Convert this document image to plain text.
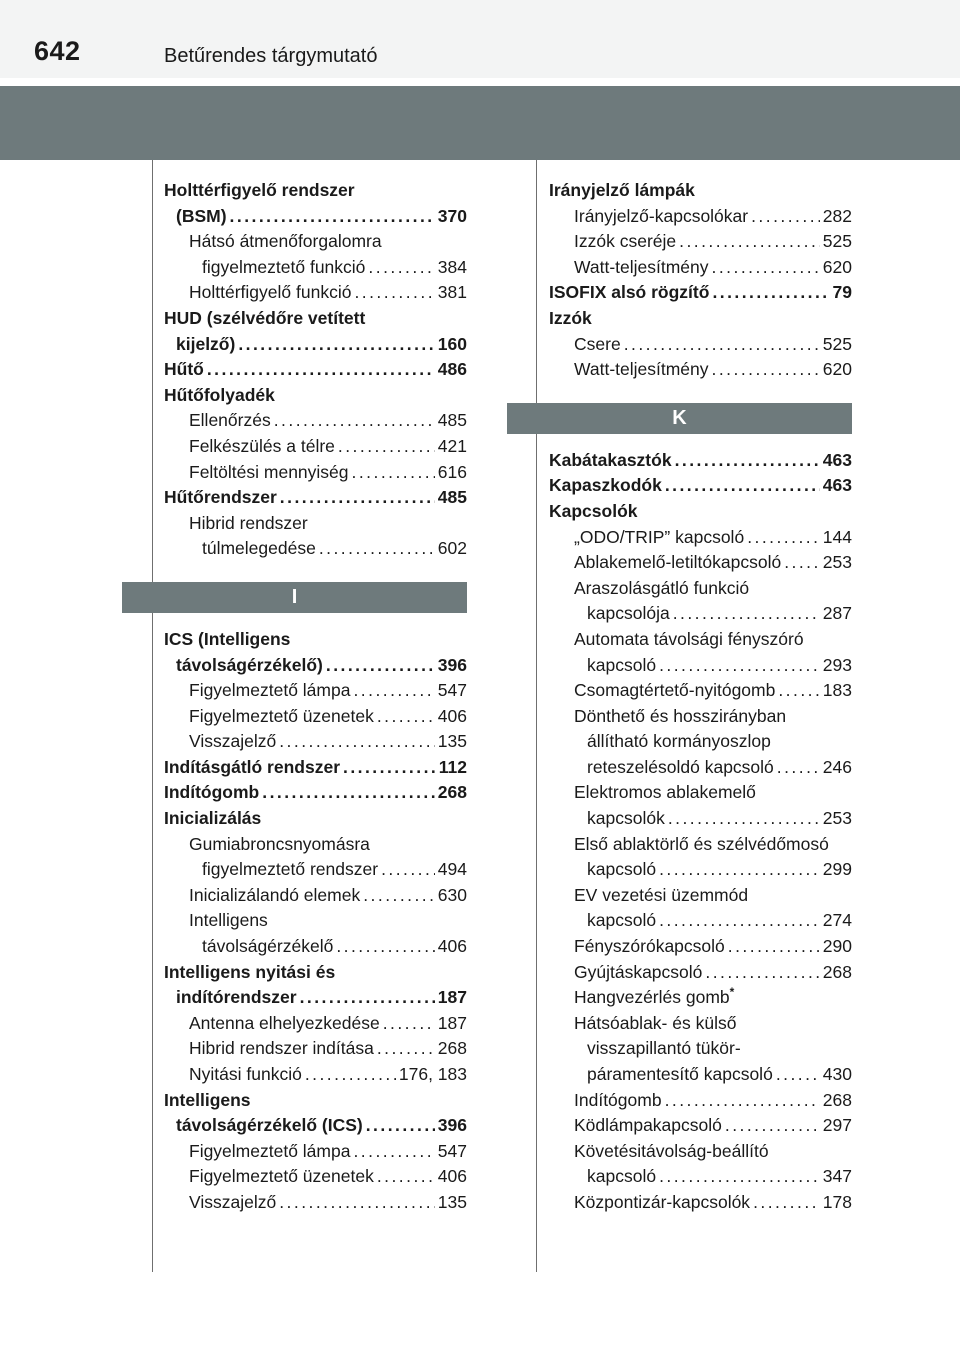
642	Betűrendes tárgymutató
Holttérfigyelő rendszer
(BSM) . . .	370
Hátsó átmenőforgalomra
figyelmeztető funkció . . .	384
Holttérfigyelő funkció . . .	381
HUD (szélvédőre vetített
kijelző) . . .	160
Hűtő . . .	486
Hűtőfolyadék
Ellenőrzés . . .	485
Felkészülés a télre . . .	421
Feltöltési mennyiség . . .	616
Hűtőrendszer . . .	485
Hibrid rendszer
túlmelegedése . . .	602
I
ICS (Intelligens
távolságérzékelő) . . .	396
Figyelmeztető lámpa . . .	547
Figyelmeztető üzenetek . . .	406
Visszajelző . . .	135
Indításgátló rendszer . . .	112
Indítógomb . . .	268
Inicializálás
Gumiabroncsnyomásra
figyelmeztető rendszer . . .	494
Inicializálandó elemek . . .	630
Intelligens
távolságérzékelő . . .	406
Intelligens nyitási és
indítórendszer . . .	187
Antenna elhelyezkedése . . .	187
Hibrid rendszer indítása . . .	268
Nyitási funkció . . .	176, 183
Intelligens
távolságérzékelő (ICS) . . .	396
Figyelmeztető lámpa . . .	547
Figyelmeztető üzenetek . . .	406
Visszajelző . . .	135
Irányjelző lámpák
Irányjelző-kapcsolókar . . .	282
Izzók cseréje . . .	525
Watt-teljesítmény . . .	620
ISOFIX alsó rögzítő . . .	79
Izzók
Csere . . .	525
Watt-teljesítmény . . .	620
K
Kabátakasztók . . .	463
Kapaszkodók . . .	463
Kapcsolók
„ODO/TRIP” kapcsoló . . .	144
Ablakemelő-letiltókapcsoló . . . 253
Araszolásgátló funkció
kapcsolója . . .	287
Automata távolsági fényszóró
kapcsoló . . .	293
Csomagtértető-nyitógomb . . .	183
Dönthető és hosszirányban
állítható kormányoszlop
reteszelésoldó kapcsoló . . .	246
Elektromos ablakemelő
kapcsolók . . .	253
Első ablaktörlő és szélvédőmosó
kapcsoló . . .	299
EV vezetési üzemmód
kapcsoló . . .	274
Fényszórókapcsoló . . .	290
Gyújtáskapcsoló . . .	268
Hangvezérlés gomb*
Hátsóablak- és külső
visszapillantó tükör-
páramentesítő kapcsoló . . .	430
Indítógomb . . .	268
Ködlámpakapcsoló . . .	297
Követésitávolság-beállító
kapcsoló . . .	347
Központizár-kapcsolók . . .	178
